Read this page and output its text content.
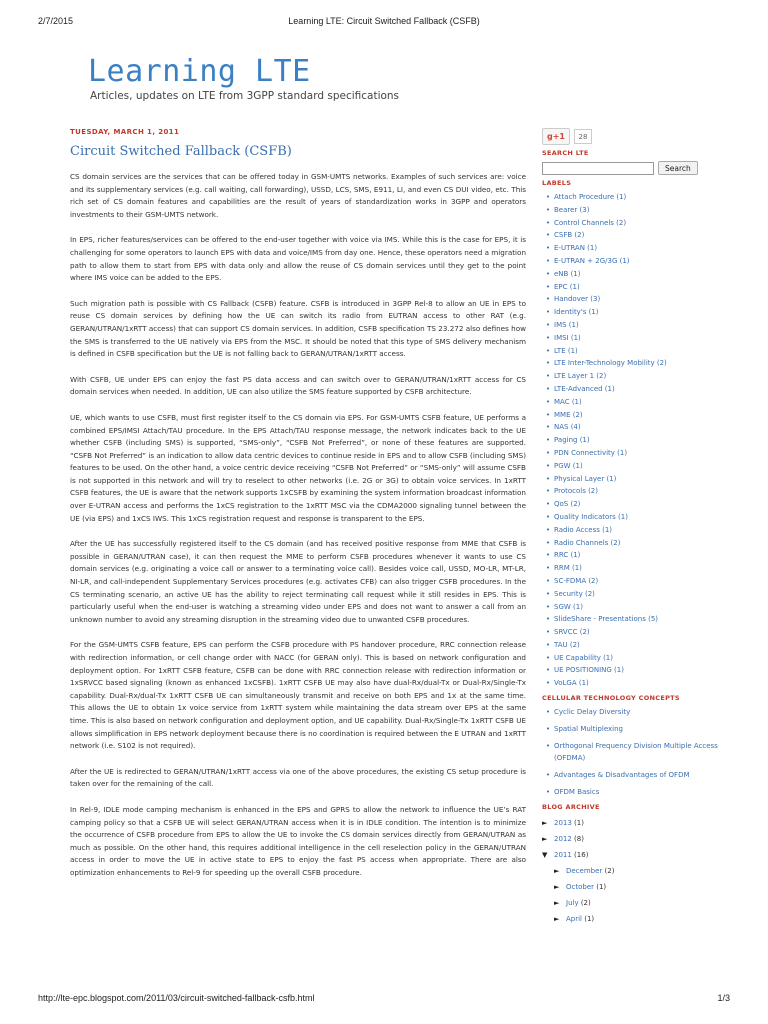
2/7/2015	Learning LTE: Circuit Switched Fallback (CSFB)
Learning LTE
Articles, updates on LTE from 3GPP standard specifications
TUESDAY, MARCH 1, 2011
Circuit Switched Fallback (CSFB)

CS domain services are the services that can be offered today in GSM-UMTS networks. Examples of such services are: voice and its supplementary services (e.g. call waiting, call forwarding), USSD, LCS, SMS, E911, LI, and even CS DUI video, etc. This rich set of CS domain features and capabilities are the result of years of standardization works in 3GPP and operators investments to their GSM-UMTS network.

In EPS, richer features/services can be offered to the end-user together with voice via IMS. While this is the case for EPS, it is challenging for some operators to launch EPS with data and voice/IMS from day one. Hence, these operators need a migration path to allow them to start from EPS with data only and allow the reuse of CS domain services until they get to the point where IMS voice can be added to the EPS.

Such migration path is possible with CS Fallback (CSFB) feature. CSFB is introduced in 3GPP Rel-8 to allow an UE in EPS to reuse CS domain services by defining how the UE can switch its radio from EUTRAN access to other RAT (e.g. GERAN/UTRAN/1xRTT access) that can support CS domain services. In addition, CSFB specification TS 23.272 also defines how the SMS is transferred to the UE natively via EPS from the MSC. It should be noted that this type of SMS delivery mechanism is defined in CSFB specification but the UE is not falling back to GERAN/UTRAN/1xRTT access.

With CSFB, UE under EPS can enjoy the fast PS data access and can switch over to GERAN/UTRAN/1xRTT access for CS domain services when needed. In addition, UE can also utilize the SMS feature supported by CSFB architecture.

UE, which wants to use CSFB, must first register itself to the CS domain via EPS. For GSM-UMTS CSFB feature, UE performs a combined EPS/IMSI Attach/TAU procedure. In the EPS Attach/TAU response message, the network indicates back to the UE whether CSFB (including SMS) is supported, “SMS-only”, “CSFB Not Preferred”, or none of these features are supported. “CSFB Not Preferred” is an indication to allow data centric devices to continue reside in EPS and to allow CSFB (including SMS) features to be used. On the other hand, a voice centric device receiving “CSFB Not Preferred” or “SMS-only” will assume CSFB is not supported in this network and will try to reselect to other networks (i.e. 2G or 3G) to obtain voice services. In 1xRTT CSFB features, the UE is aware that the network supports 1xCSFB by examining the system information broadcast information over E-UTRAN access and performs the 1xCS registration to the 1xRTT MSC via the CDMA2000 signaling tunnel between the UE (via EPS) and 1xCS IWS. This 1xCS registration request and response is transparent to the EPS.

After the UE has successfully registered itself to the CS domain (and has received positive response from MME that CSFB is possible in GERAN/UTRAN case), it can then request the MME to perform CSFB procedures whenever it wants to use CS domain services (e.g. originating a voice call or answer to a terminating voice call). Besides voice call, USSD, MO-LR, MT-LR, NI-LR, and call-independent Supplementary Services procedures (e.g. activates CFB) can also trigger CSFB procedures. In the CS terminating scenario, an active UE has the ability to reject terminating call request while it still resides in EPS. This is particularly useful when the end-user is watching a streaming video under EPS and does not want to answer a call from an unknown number to avoid any streaming disruption in the streaming video due to unwanted CSFB procedures.

For the GSM-UMTS CSFB feature, EPS can perform the CSFB procedure with PS handover procedure, RRC connection release with redirection information, or cell change order with NACC (for GERAN only). This is based on network configuration and deployment option. For 1xRTT CSFB feature, CSFB can be done with RRC connection release with redirection information or 1xSRVCC based signaling (known as enhanced 1xCSFB). 1xRTT CSFB UE may also have dual-Rx/dual-Tx or Dual-Rx/Single-Tx capability. Dual-Rx/dual-Tx 1xRTT CSFB UE can simultaneously transmit and receive on both EPS and 1x at the same time. This allows the UE to obtain 1x voice service from 1xRTT system while maintaining the data stream over EPS at the same time. This is also based on network configuration and deployment option, and UE capability. Dual-Rx/Single-Tx 1xRTT CSFB UE allows simplification in EPS network deployment because there is no coordination is required between the E UTRAN and 1xRTT network (i.e. S102 is not required).

After the UE is redirected to GERAN/UTRAN/1xRTT access via one of the above procedures, the existing CS setup procedure is taken over for the remaining of the call.

In Rel-9, IDLE mode camping mechanism is enhanced in the EPS and GPRS to allow the network to influence the UE’s RAT camping policy so that a CSFB UE will select GERAN/UTRAN access when it is in IDLE condition. The intention is to minimize the occurrence of CSFB procedure from EPS to allow the UE to invoke the CS domain services directly from GERAN/UTRAN as much as possible. On the other hand, this requires additional intelligence in the cell reselection policy in the GERAN/UTRAN access in order to move the UE in active state to EPS to enjoy the fast PS access when appropriate. There are also optimization enhancements to Rel-9 for speeding up the overall CSFB procedure.

g+1	28
SEARCH LTE
Search
LABELS
• Attach Procedure (1)
• Bearer (3)
• Control Channels (2)
• CSFB (2)
• E-UTRAN (1)
• E-UTRAN + 2G/3G (1)
• eNB (1)
• EPC (1)
• Handover (3)
• Identity's (1)
• IMS (1)
• IMSI (1)
• LTE (1)
• LTE Inter-Technology Mobility (2)
• LTE Layer 1 (2)
• LTE-Advanced (1)
• MAC (1)
• MME (2)
• NAS (4)
• Paging (1)
• PDN Connectivity (1)
• PGW (1)
• Physical Layer (1)
• Protocols (2)
• QoS (2)
• Quality Indicators (1)
• Radio Access (1)
• Radio Channels (2)
• RRC (1)
• RRM (1)
• SC-FDMA (2)
• Security (2)
• SGW (1)
• SlideShare - Presentations (5)
• SRVCC (2)
• TAU (2)
• UE Capability (1)
• UE POSITIONING (1)
• VoLGA (1)
CELLULAR TECHNOLOGY CONCEPTS
• Cyclic Delay Diversity
• Spatial Multiplexing
• Orthogonal Frequency Division Multiple Access (OFDMA)
• Advantages & Disadvantages of OFDM
• OFDM Basics
BLOG ARCHIVE
► 2013 (1)
► 2012 (8)
▼ 2011 (16)
► December (2)
► October (1)
► July (2)
► April (1)
http://lte-epc.blogspot.com/2011/03/circuit-switched-fallback-csfb.html	1/3
